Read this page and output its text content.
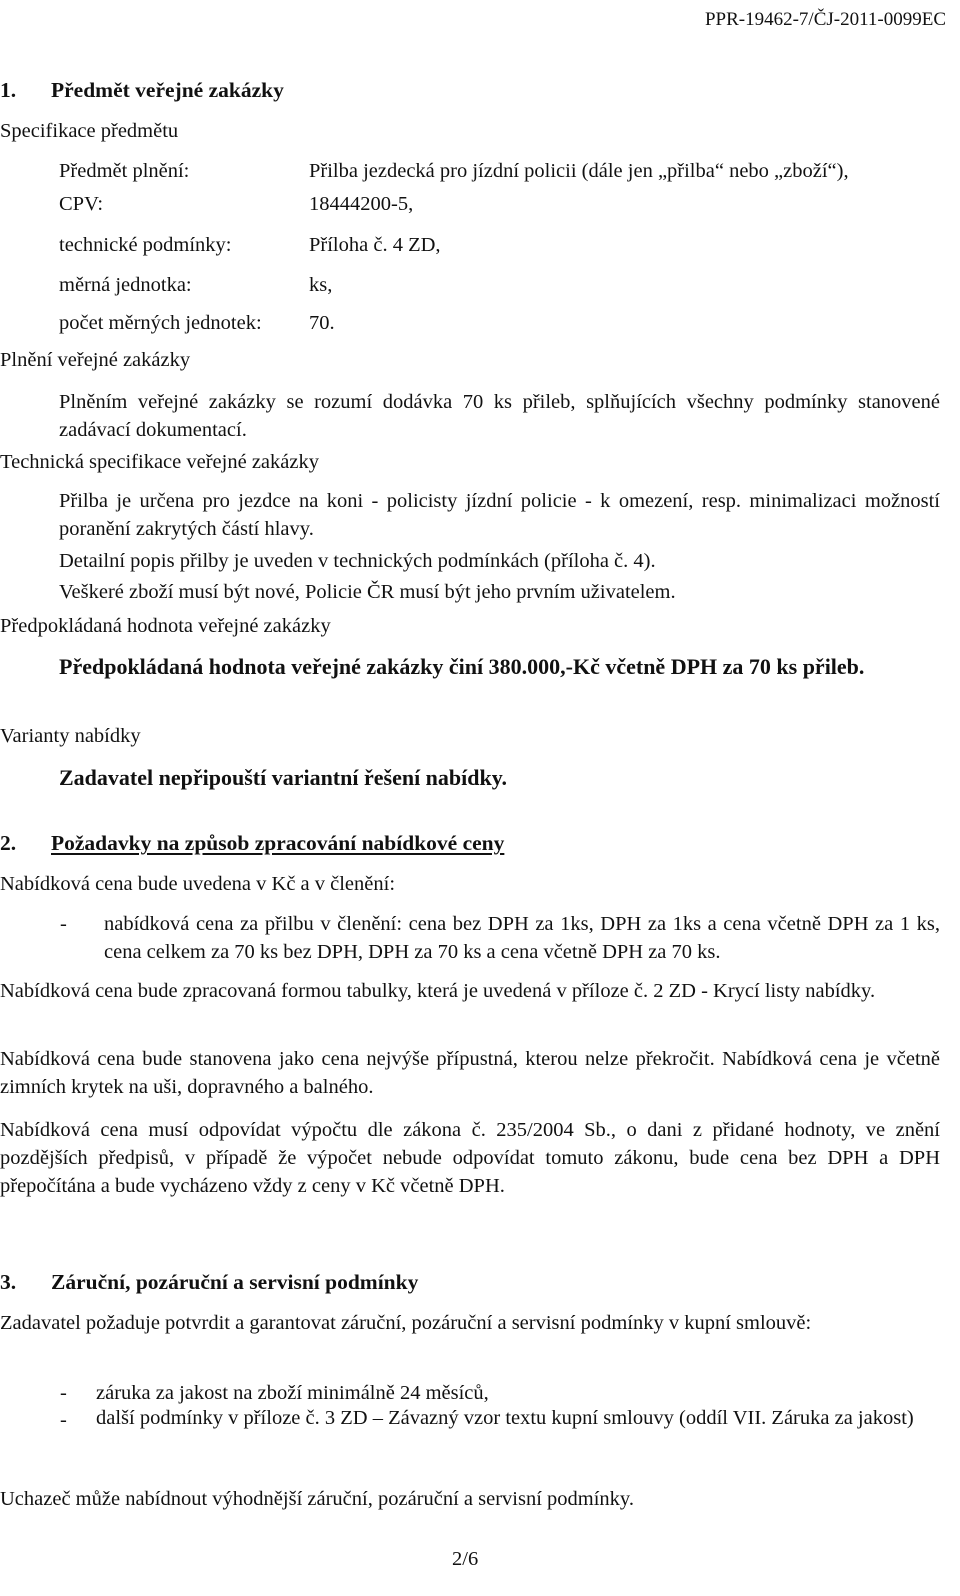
PPR-19462-7/ČJ-2011-0099EC
1. Předmět veřejné zakázky
Specifikace předmětu
Předmět plnění:	Přilba jezdecká pro jízdní policii (dále jen „přilba“ nebo „zboží“),
CPV:	18444200-5,
technické podmínky:	Příloha č. 4 ZD,
měrná jednotka:	ks,
počet měrných jednotek: 70.
Plnění veřejné zakázky
Plněním veřejné zakázky se rozumí dodávka 70 ks přileb, splňujících všechny podmínky stanovené zadávací dokumentací.
Technická specifikace veřejné zakázky
Přilba je určena pro jezdce na koni - policisty jízdní policie - k omezení, resp. minimalizaci možností poranění zakrytých částí hlavy.
Detailní popis přilby je uveden v technických podmínkách (příloha č. 4).
Veškeré zboží musí být nové, Policie ČR musí být jeho prvním uživatelem.
Předpokládaná hodnota veřejné zakázky
Předpokládaná hodnota veřejné zakázky činí 380.000,-Kč včetně DPH za 70 ks přileb.
Varianty nabídky
Zadavatel nepřipouští variantní řešení nabídky.
2. Požadavky na způsob zpracování nabídkové ceny
Nabídková cena bude uvedena v Kč a v členění:
- nabídková cena za přilbu v členění: cena bez DPH za 1ks, DPH za 1ks a cena včetně DPH za 1 ks, cena celkem za 70 ks bez DPH, DPH za 70 ks a cena včetně DPH za 70 ks.
Nabídková cena bude zpracovaná formou tabulky, která je uvedená v příloze č. 2 ZD - Krycí listy nabídky.
Nabídková cena bude stanovena jako cena nejvýše přípustná, kterou nelze překročit. Nabídková cena je včetně zimních krytek na uši, dopravného a balného.
Nabídková cena musí odpovídat výpočtu dle zákona č. 235/2004 Sb., o dani z přidané hodnoty, ve znění pozdějších předpisů, v případě že výpočet nebude odpovídat tomuto zákonu, bude cena bez DPH a DPH přepočítána a bude vycházeno vždy z ceny v Kč včetně DPH.
3. Záruční, pozáruční a servisní podmínky
Zadavatel požaduje potvrdit a garantovat záruční, pozáruční a servisní podmínky v kupní smlouvě:
- záruka za jakost na zboží minimálně 24 měsíců,
- další podmínky v příloze č. 3 ZD – Závazný vzor textu kupní smlouvy (oddíl VII. Záruka za jakost)
Uchazeč může nabídnout výhodnější záruční, pozáruční a servisní podmínky.
2/6
